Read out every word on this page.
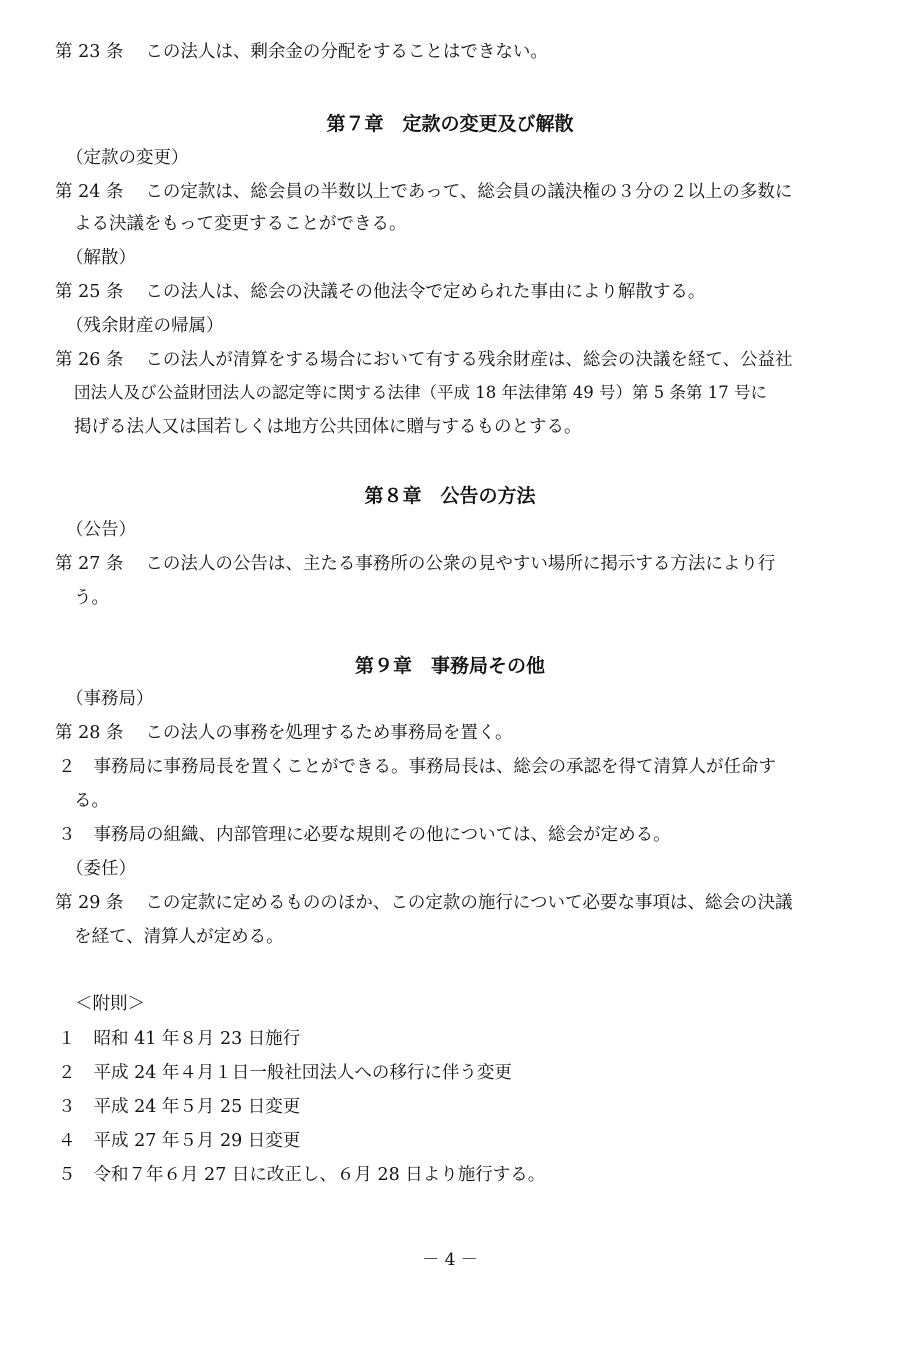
第 23 条 この法人は、剰余金の分配をすることはできない。
第７章　定款の変更及び解散
（定款の変更）
第 24 条 この定款は、総会員の半数以上であって、総会員の議決権の３分の２以上の多数に
よる決議をもって変更することができる。
（解散）
第 25 条 この法人は、総会の決議その他法令で定められた事由により解散する。
（残余財産の帰属）
第 26 条 この法人が清算をする場合において有する残余財産は、総会の決議を経て、公益社
団法人及び公益財団法人の認定等に関する法律（平成 18 年法律第 49 号）第 5 条第 17 号に
掲げる法人又は国若しくは地方公共団体に贈与するものとする。
第８章　公告の方法
（公告）
第 27 条 この法人の公告は、主たる事務所の公衆の見やすい場所に掲示する方法により行
う。
第９章　事務局その他
（事務局）
第 28 条 この法人の事務を処理するため事務局を置く。
２ 事務局に事務局長を置くことができる。事務局長は、総会の承認を得て清算人が任命す
る。
３ 事務局の組織、内部管理に必要な規則その他については、総会が定める。
（委任）
第 29 条 この定款に定めるもののほか、この定款の施行について必要な事項は、総会の決議
を経て、清算人が定める。
＜附則＞
１ 昭和 41 年８月 23 日施行
２ 平成 24 年４月１日一般社団法人への移行に伴う変更
３ 平成 24 年５月 25 日変更
４ 平成 27 年５月 29 日変更
５ 令和７年６月 27 日に改正し、６月 28 日より施行する。
－ 4 －
